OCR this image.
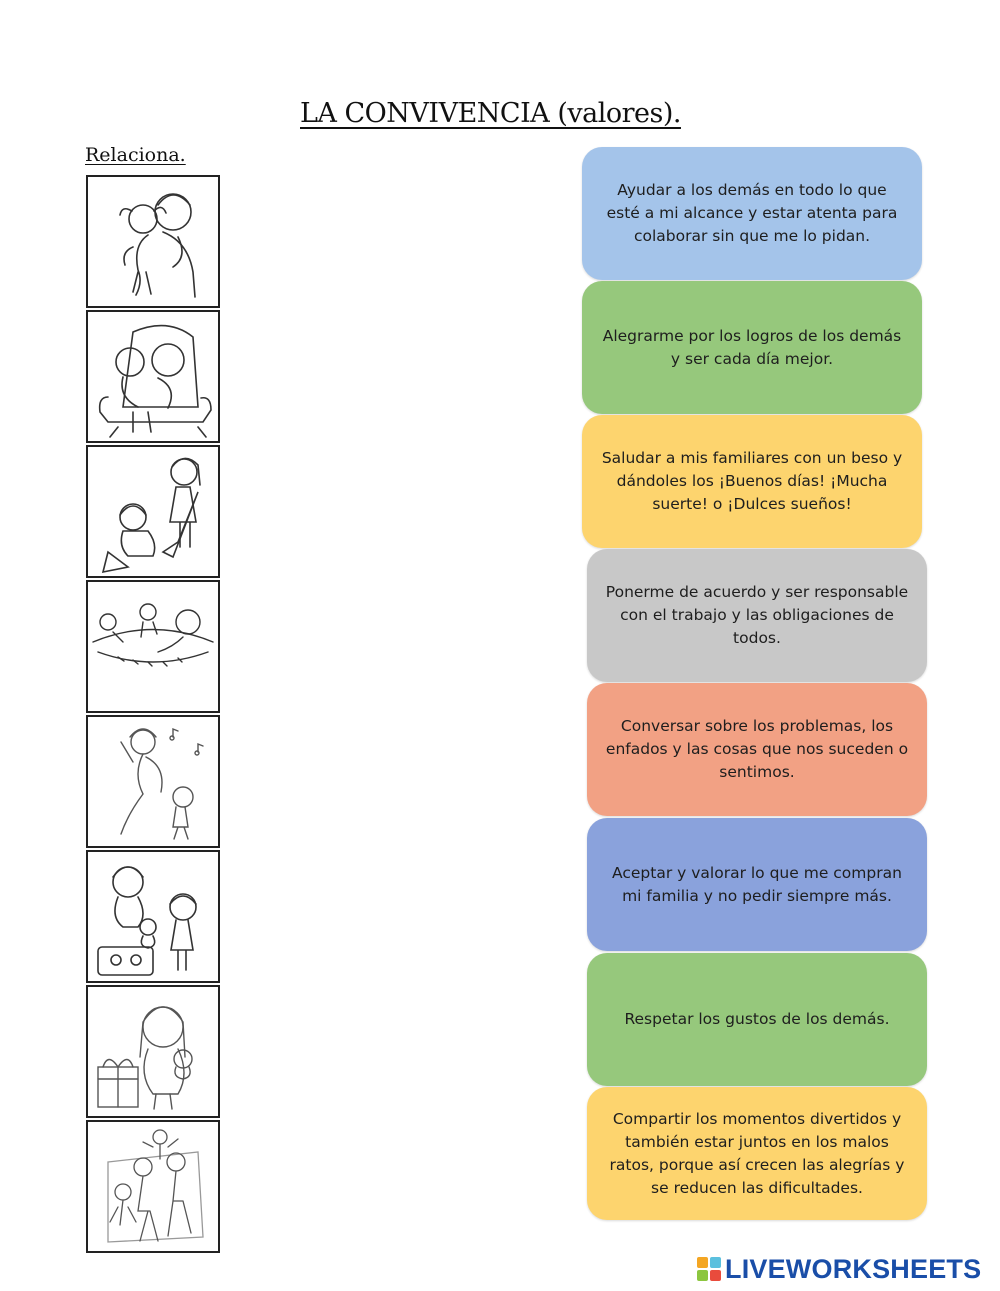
LA CONVIVENCIA (valores).
Relaciona.
Ayudar a los demás en todo lo que esté a mi alcance y estar atenta para colaborar sin que me lo pidan.
Alegrarme por los logros de los demás y ser cada día mejor.
Saludar a mis familiares con un beso y dándoles los ¡Buenos días! ¡Mucha suerte! o ¡Dulces sueños!
Ponerme de acuerdo y ser responsable con el trabajo y las obligaciones de todos.
Conversar sobre los problemas, los enfados y las cosas que nos suceden o sentimos.
Aceptar y valorar lo que me compran mi familia y no pedir siempre más.
Respetar los gustos de los demás.
Compartir los momentos divertidos y también estar juntos en los malos ratos, porque así crecen las alegrías y se reducen las dificultades.
LIVEWORKSHEETS
